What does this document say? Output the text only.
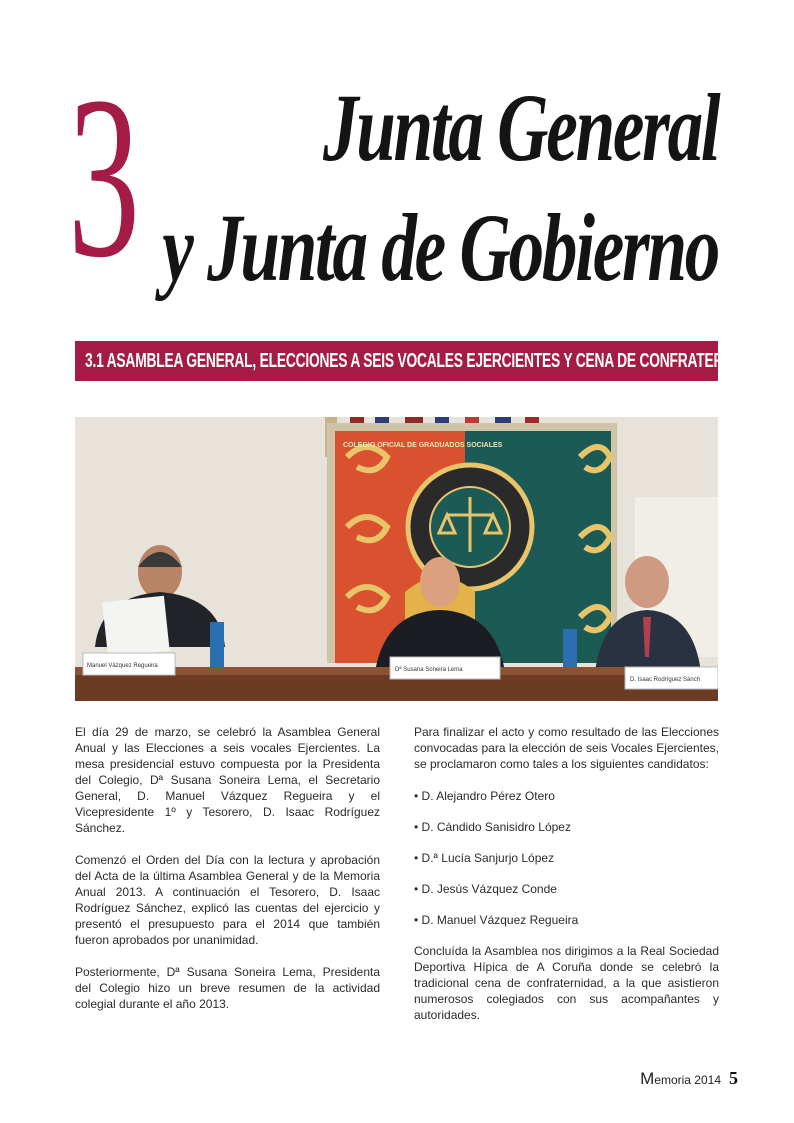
3 Junta General
y Junta de Gobierno
3.1 ASAMBLEA GENERAL, ELECCIONES A SEIS VOCALES EJERCIENTES Y CENA DE CONFRATERNIDAD
Manuel Vázquez Regueira
Dª Susana Soneira Lema
D. Isaac Rodríguez Sánch
COLEGIO OFICIAL DE GRADUADOS SOCIALES

El día 29 de marzo, se celebró la Asamblea General Anual y las Elecciones a seis vocales Ejercientes. La mesa presidencial estuvo compuesta por la Presidenta del Colegio, Dª Susana Soneira Lema, el Secretario General, D. Manuel Vázquez Regueira y el Vicepresidente 1º y Tesorero, D. Isaac Rodríguez Sánchez.

Comenzó el Orden del Día con la lectura y aprobación del Acta de la última Asamblea General y de la Memoria Anual 2013. A continuación el Tesorero, D. Isaac Rodríguez Sánchez, explicó las cuentas del ejercicio y presentó el presupuesto para el 2014 que también fueron aprobados por unanimidad.

Posteriormente, Dª Susana Soneira Lema, Presidenta del Colegio hizo un breve resumen de la actividad colegial durante el año 2013.

Para finalizar el acto y como resultado de las Elecciones convocadas para la elección de seis Vocales Ejercientes, se proclamaron como tales a los siguientes candidatos:

• D. Alejandro Pérez Otero
• D. Cándido Sanisidro López
• D.ª Lucía Sanjurjo López
• D. Jesús Vázquez Conde
• D. Manuel Vázquez Regueira

Concluída la Asamblea nos dirigimos a la Real Sociedad Deportiva Hípica de A Coruña donde se celebró la tradicional cena de confraternidad, a la que asistieron numerosos colegiados con sus acompañantes y autoridades.

Memoria 2014 5
